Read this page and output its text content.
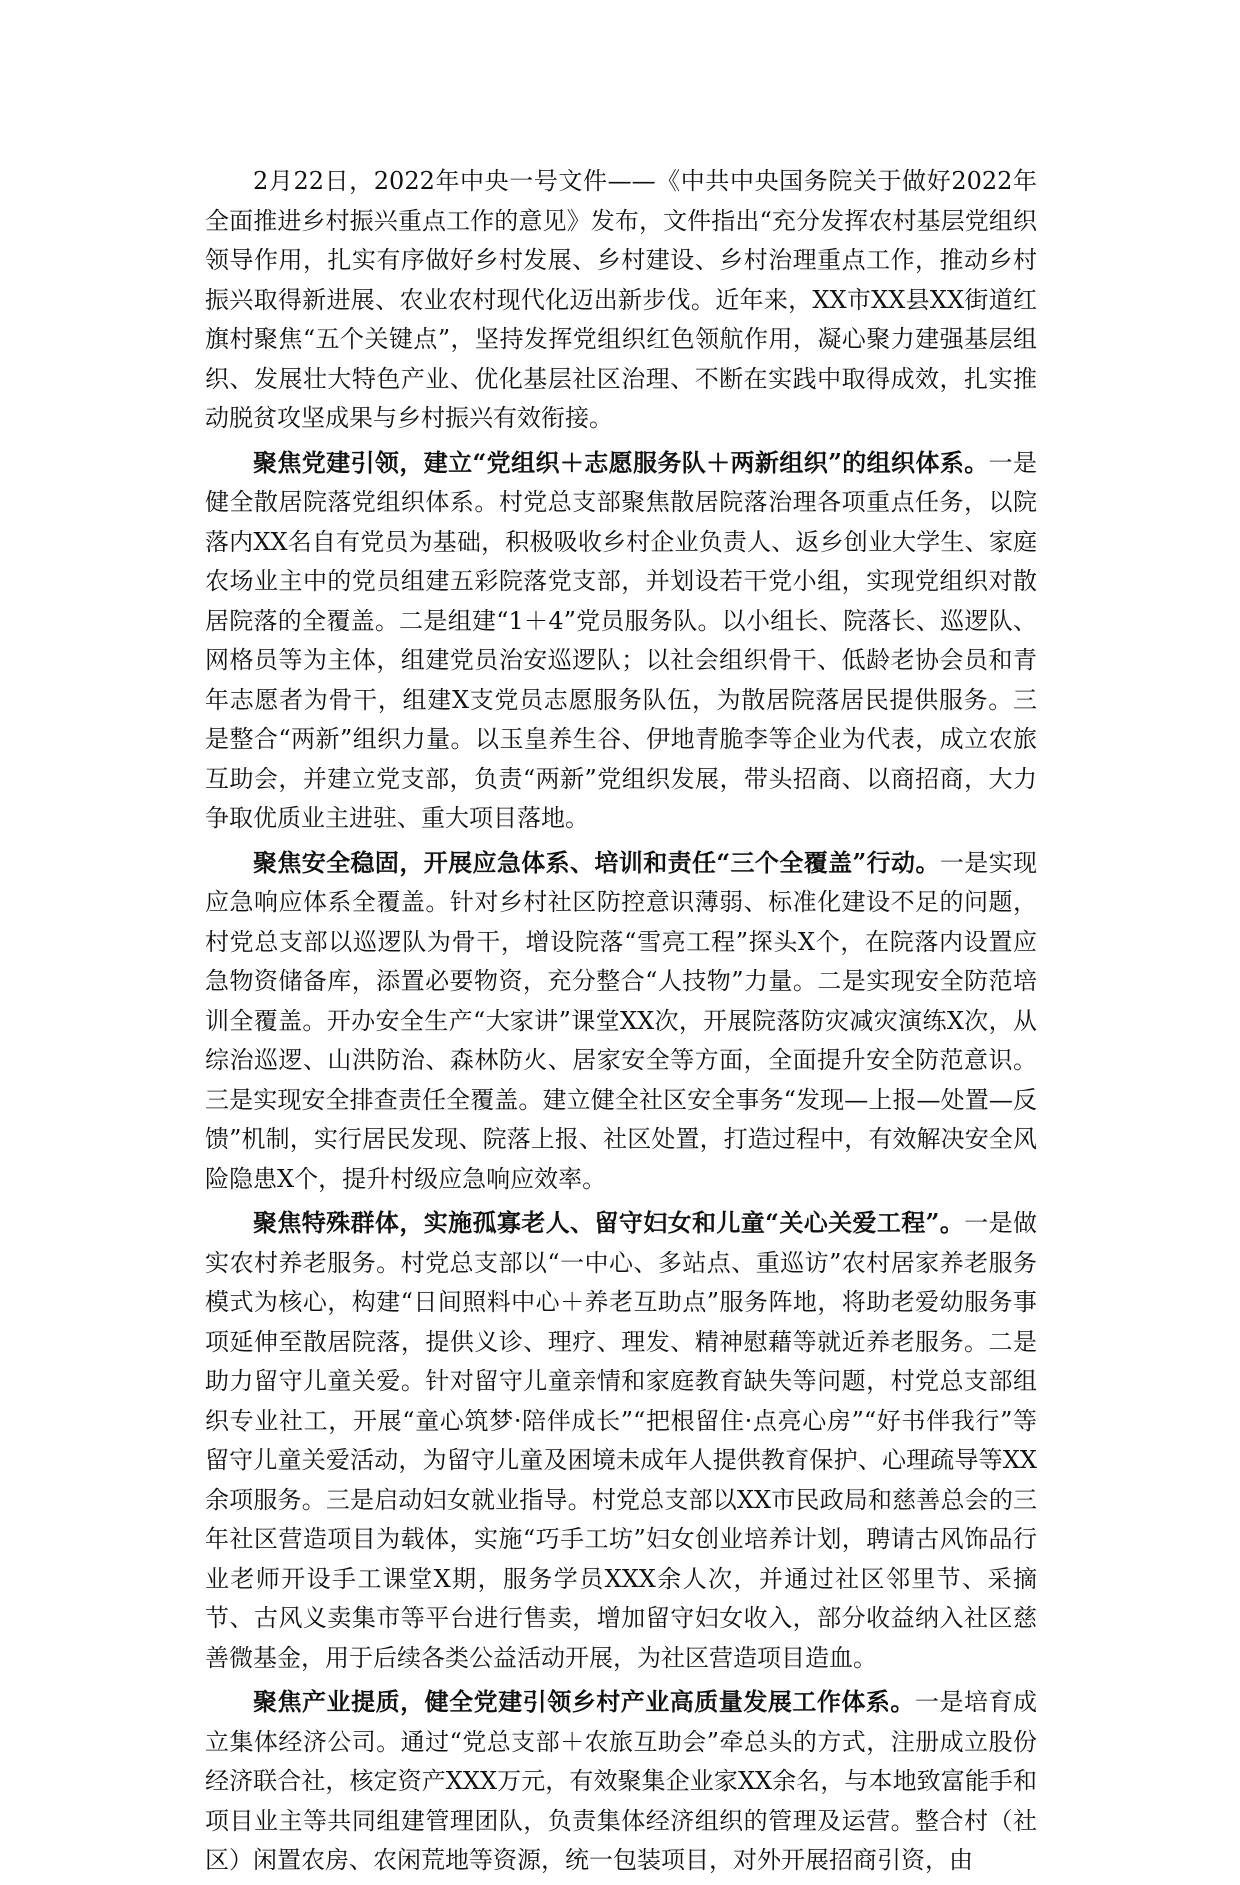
2月22日，2022年中央一号文件——《中共中央国务院关于做好2022年全面推进乡村振兴重点工作的意见》发布，文件指出“充分发挥农村基层党组织领导作用，扎实有序做好乡村发展、乡村建设、乡村治理重点工作，推动乡村振兴取得新进展、农业农村现代化迈出新步伐。近年来，XX市XX县XX街道红旗村聚焦“五个关键点”，坚持发挥党组织红色领航作用，凝心聚力建强基层组织、发展壮大特色产业、优化基层社区治理、不断在实践中取得成效，扎实推动脱贫攻坚成果与乡村振兴有效衔接。

聚焦党建引领，建立“党组织＋志愿服务队＋两新组织”的组织体系。一是健全散居院落党组织体系。村党总支部聚焦散居院落治理各项重点任务，以院落内XX名自有党员为基础，积极吸收乡村企业负责人、返乡创业大学生、家庭农场业主中的党员组建五彩院落党支部，并划设若干党小组，实现党组织对散居院落的全覆盖。二是组建“1＋4”党员服务队。以小组长、院落长、巡逻队、网格员等为主体，组建党员治安巡逻队；以社会组织骨干、低龄老协会员和青年志愿者为骨干，组建X支党员志愿服务队伍，为散居院落居民提供服务。三是整合“两新”组织力量。以玉皇养生谷、伊地青脆李等企业为代表，成立农旅互助会，并建立党支部，负责“两新”党组织发展，带头招商、以商招商，大力争取优质业主进驻、重大项目落地。

聚焦安全稳固，开展应急体系、培训和责任“三个全覆盖”行动。一是实现应急响应体系全覆盖。针对乡村社区防控意识薄弱、标准化建设不足的问题，村党总支部以巡逻队为骨干，增设院落“雪亮工程”探头X个，在院落内设置应急物资储备库，添置必要物资，充分整合“人技物”力量。二是实现安全防范培训全覆盖。开办安全生产“大家讲”课堂XX次，开展院落防灾减灾演练X次，从综治巡逻、山洪防治、森林防火、居家安全等方面，全面提升安全防范意识。三是实现安全排查责任全覆盖。建立健全社区安全事务“发现—上报—处置—反馈”机制，实行居民发现、院落上报、社区处置，打造过程中，有效解决安全风险隐患X个，提升村级应急响应效率。

聚焦特殊群体，实施孤寡老人、留守妇女和儿童“关心关爱工程”。一是做实农村养老服务。村党总支部以“一中心、多站点、重巡访”农村居家养老服务模式为核心，构建“日间照料中心＋养老互助点”服务阵地，将助老爱幼服务事项延伸至散居院落，提供义诊、理疗、理发、精神慰藉等就近养老服务。二是助力留守儿童关爱。针对留守儿童亲情和家庭教育缺失等问题，村党总支部组织专业社工，开展“童心筑梦·陪伴成长”“把根留住·点亮心房”“好书伴我行”等留守儿童关爱活动，为留守儿童及困境未成年人提供教育保护、心理疏导等XX余项服务。三是启动妇女就业指导。村党总支部以XX市民政局和慈善总会的三年社区营造项目为载体，实施“巧手工坊”妇女创业培养计划，聘请古风饰品行业老师开设手工课堂X期，服务学员XXX余人次，并通过社区邻里节、采摘节、古风义卖集市等平台进行售卖，增加留守妇女收入，部分收益纳入社区慈善微基金，用于后续各类公益活动开展，为社区营造项目造血。

聚焦产业提质，健全党建引领乡村产业高质量发展工作体系。一是培育成立集体经济公司。通过“党总支部＋农旅互助会”牵总头的方式，注册成立股份经济联合社，核定资产XXX万元，有效聚集企业家XX余名，与本地致富能手和项目业主等共同组建管理团队，负责集体经济组织的管理及运营。整合村（社区）闲置农房、农闲荒地等资源，统一包装项目，对外开展招商引资，由
